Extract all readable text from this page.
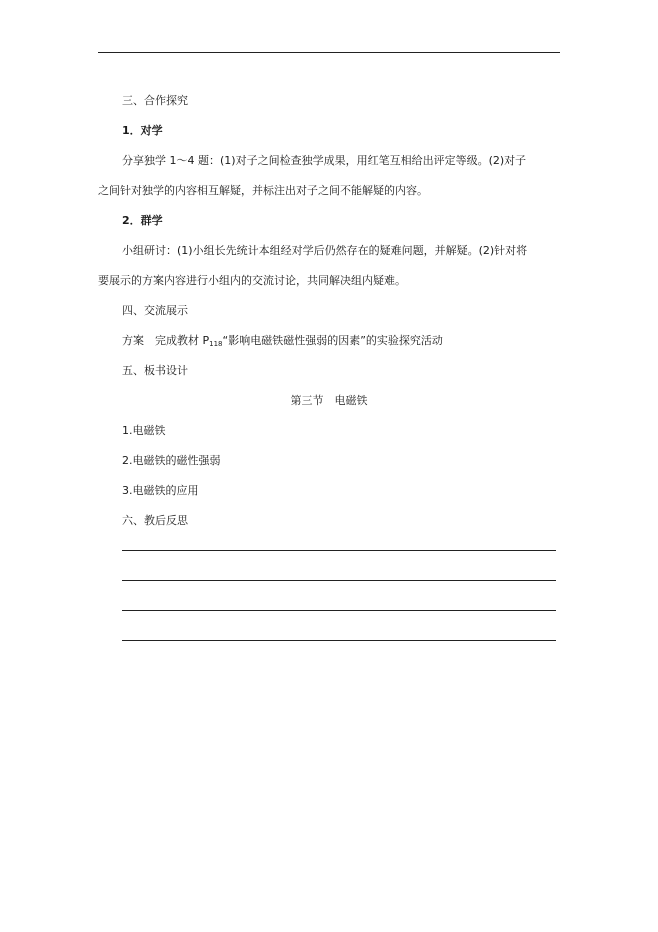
三、合作探究
1．对学
分享独学 1～4 题：(1)对子之间检查独学成果，用红笔互相给出评定等级。(2)对子
之间针对独学的内容相互解疑，并标注出对子之间不能解疑的内容。
2．群学
小组研讨：(1)小组长先统计本组经对学后仍然存在的疑难问题，并解疑。(2)针对将
要展示的方案内容进行小组内的交流讨论，共同解决组内疑难。
四、交流展示
方案　完成教材 $P_{118}“$影响电磁铁磁性强弱的因素”的实验探究活动
五、板书设计
第三节　电磁铁
1.电磁铁
2.电磁铁的磁性强弱
3.电磁铁的应用
六、教后反思
